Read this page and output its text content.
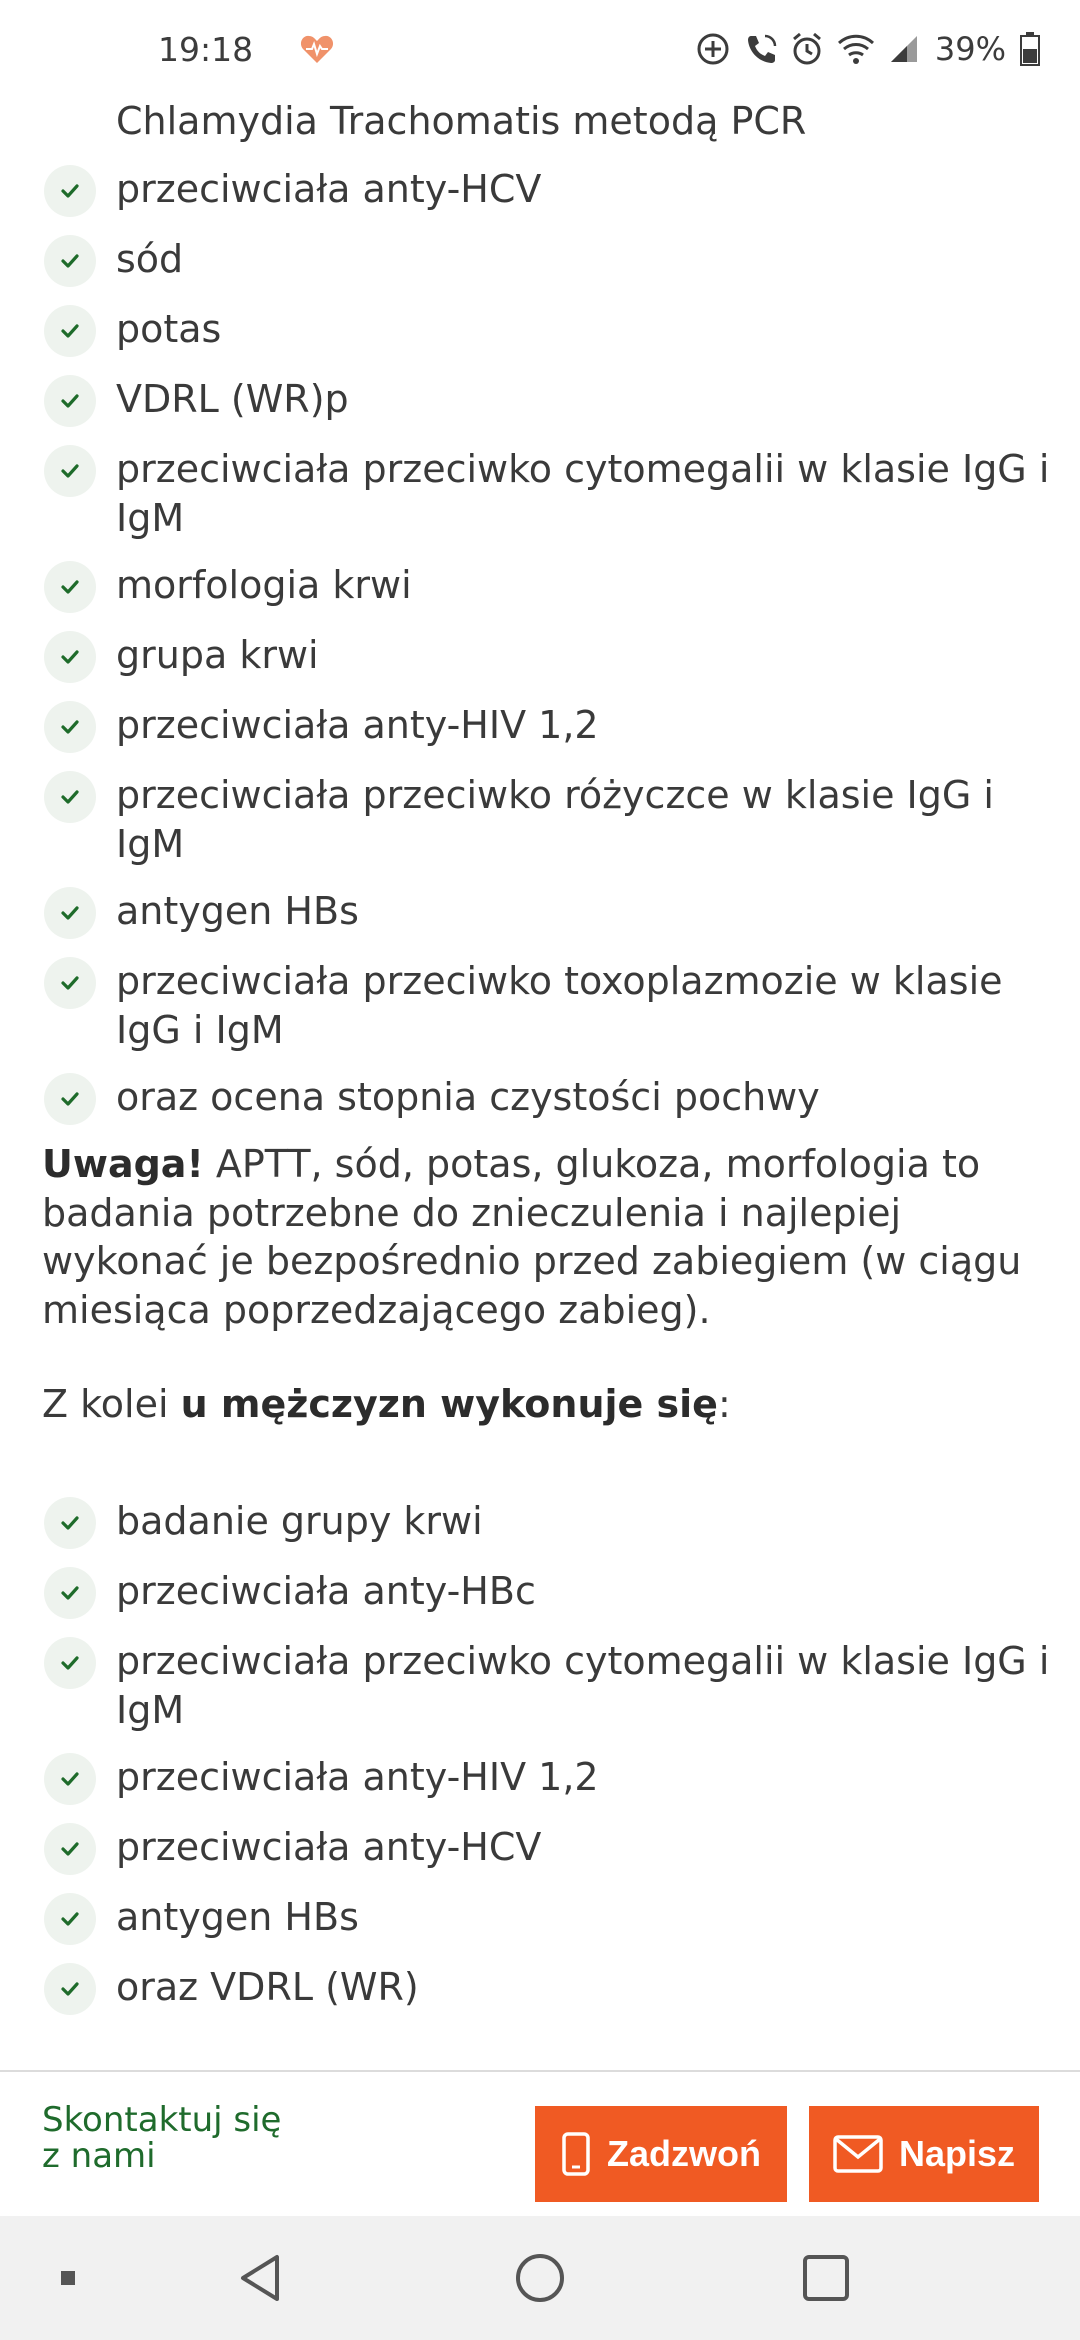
19:18	39%
Chlamydia Trachomatis metodą PCR
przeciwciała anty-HCV
sód
potas
VDRL (WR)p
przeciwciała przeciwko cytomegalii w klasie IgG i IgM
morfologia krwi
grupa krwi
przeciwciała anty-HIV 1,2
przeciwciała przeciwko różyczce w klasie IgG i IgM
antygen HBs
przeciwciała przeciwko toxoplazmozie w klasie IgG i IgM
oraz ocena stopnia czystości pochwy

Uwaga! APTT, sód, potas, glukoza, morfologia to badania potrzebne do znieczulenia i najlepiej wykonać je bezpośrednio przed zabiegiem (w ciągu miesiąca poprzedzającego zabieg).

Z kolei u mężczyzn wykonuje się:

badanie grupy krwi
przeciwciała anty-HBc
przeciwciała przeciwko cytomegalii w klasie IgG i IgM
przeciwciała anty-HIV 1,2
przeciwciała anty-HCV
antygen HBs
oraz VDRL (WR)
Skontaktuj się z nami	Zadzwoń	Napisz
